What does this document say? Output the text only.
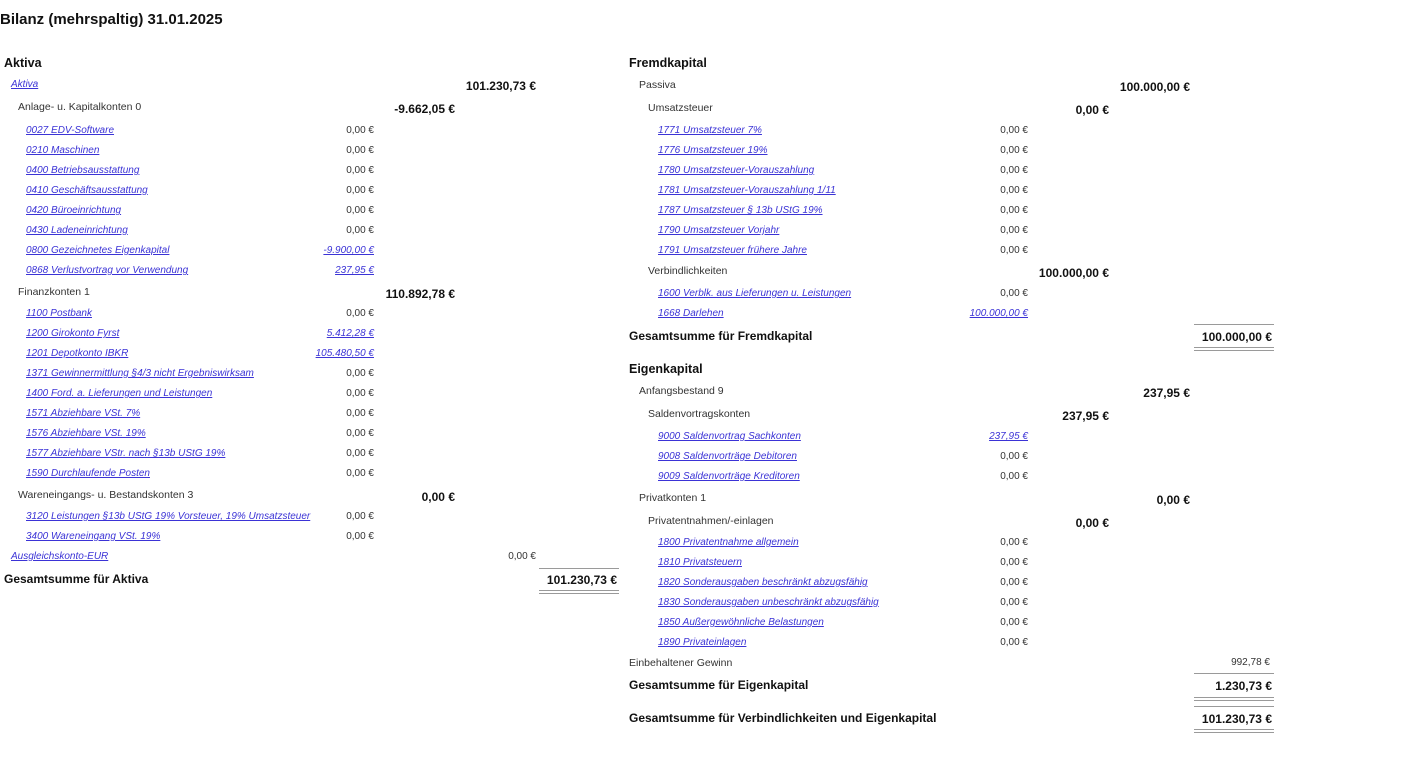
Bilanz (mehrspaltig) 31.01.2025
Aktiva
Aktiva	101.230,73 €
Anlage- u. Kapitalkonten 0	-9.662,05 €
0027 EDV-Software	0,00 €
0210 Maschinen	0,00 €
0400 Betriebsausstattung	0,00 €
0410 Geschäftsausstattung	0,00 €
0420 Büroeinrichtung	0,00 €
0430 Ladeneinrichtung	0,00 €
0800 Gezeichnetes Eigenkapital	-9.900,00 €
0868 Verlustvortrag vor Verwendung	237,95 €
Finanzkonten 1	110.892,78 €
1100 Postbank	0,00 €
1200 Girokonto Fyrst	5.412,28 €
1201 Depotkonto IBKR	105.480,50 €
1371 Gewinnermittlung §4/3 nicht Ergebniswirksam	0,00 €
1400 Ford. a. Lieferungen und Leistungen	0,00 €
1571 Abziehbare VSt. 7%	0,00 €
1576 Abziehbare VSt. 19%	0,00 €
1577 Abziehbare VStr. nach §13b UStG 19%	0,00 €
1590 Durchlaufende Posten	0,00 €
Wareneingangs- u. Bestandskonten 3	0,00 €
3120 Leistungen §13b UStG 19% Vorsteuer, 19% Umsatzsteuer	0,00 €
3400 Wareneingang VSt. 19%	0,00 €
Ausgleichskonto-EUR	0,00 €
Gesamtsumme für Aktiva	101.230,73 €
Fremdkapital
Passiva	100.000,00 €
Umsatzsteuer	0,00 €
1771 Umsatzsteuer 7%	0,00 €
1776 Umsatzsteuer 19%	0,00 €
1780 Umsatzsteuer-Vorauszahlung	0,00 €
1781 Umsatzsteuer-Vorauszahlung 1/11	0,00 €
1787 Umsatzsteuer § 13b UStG 19%	0,00 €
1790 Umsatzsteuer Vorjahr	0,00 €
1791 Umsatzsteuer frühere Jahre	0,00 €
Verbindlichkeiten	100.000,00 €
1600 Verblk. aus Lieferungen u. Leistungen	0,00 €
1668 Darlehen	100.000,00 €
Gesamtsumme für Fremdkapital	100.000,00 €
Eigenkapital
Anfangsbestand 9	237,95 €
Saldenvortragskonten	237,95 €
9000 Saldenvortrag Sachkonten	237,95 €
9008 Saldenvorträge Debitoren	0,00 €
9009 Saldenvorträge Kreditoren	0,00 €
Privatkonten 1	0,00 €
Privatentnahmen/-einlagen	0,00 €
1800 Privatentnahme allgemein	0,00 €
1810 Privatsteuern	0,00 €
1820 Sonderausgaben beschränkt abzugsfähig	0,00 €
1830 Sonderausgaben unbeschränkt abzugsfähig	0,00 €
1850 Außergewöhnliche Belastungen	0,00 €
1890 Privateinlagen	0,00 €
Einbehaltener Gewinn	992,78 €
Gesamtsumme für Eigenkapital	1.230,73 €
Gesamtsumme für Verbindlichkeiten und Eigenkapital	101.230,73 €
